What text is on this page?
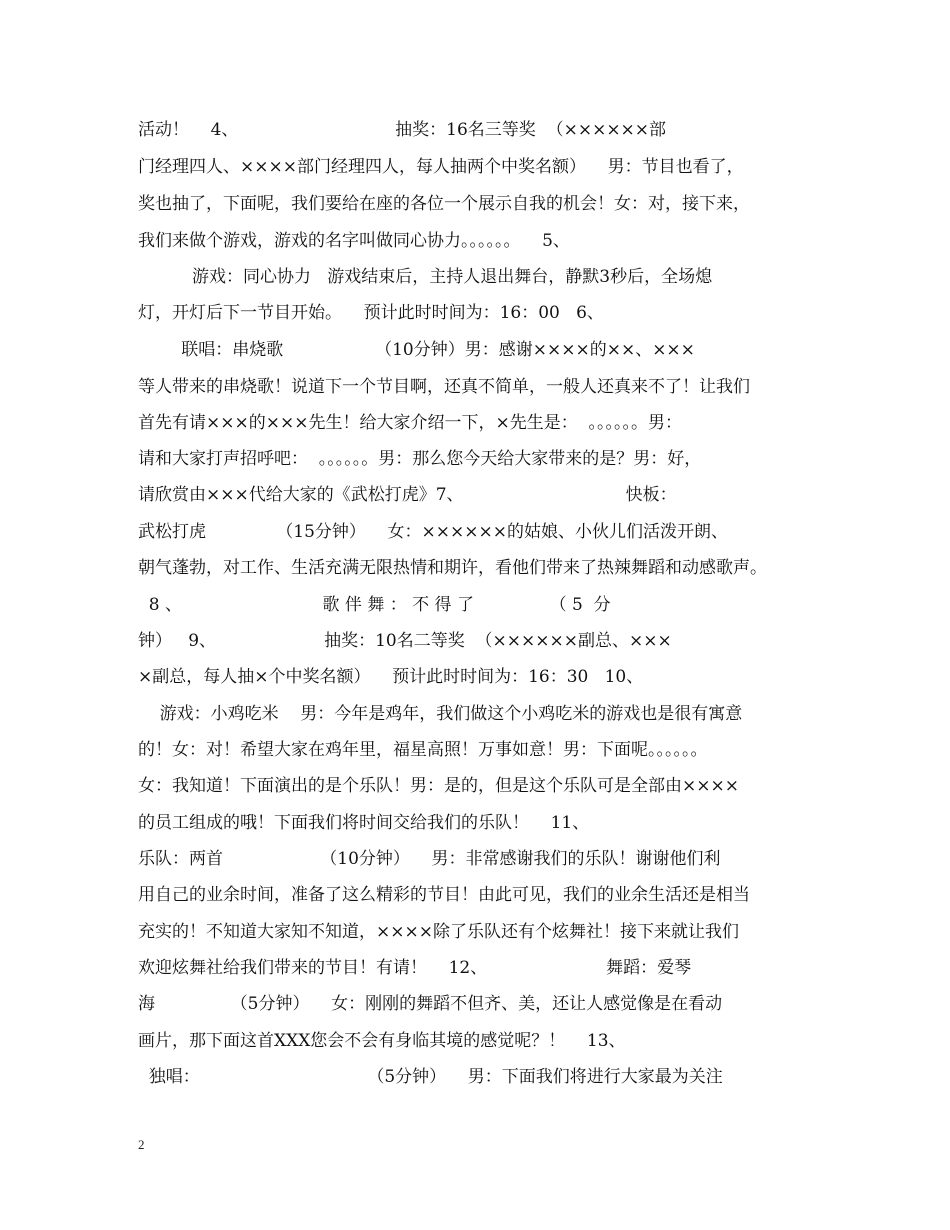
活动！    4、                             抽奖：16名三等奖  （××××××部
门经理四人、××××部门经理四人，每人抽两个中奖名额）    男：节目也看了，
奖也抽了，下面呢，我们要给在座的各位一个展示自我的机会！女：对，接下来，
我们来做个游戏，游戏的名字叫做同心协力。。。。。。    5、
游戏：同心协力   游戏结束后，主持人退出舞台，静默3秒后，全场熄
灯，开灯后下一节目开始。    预计此时时间为：16：00   6、
联唱：串烧歌                 （10分钟）男：感谢××××的××、×××
等人带来的串烧歌！说道下一个节目啊，还真不简单，一般人还真来不了！让我们
首先有请×××的×××先生！给大家介绍一下，×先生是：  。。。。。。男：
请和大家打声招呼吧：  。。。。。。男：那么您今天给大家带来的是？男：好，
请欣赏由×××代给大家的《武松打虎》7、                              快板：
武松打虎             （15分钟）    女：××××××的姑娘、小伙儿们活泼开朗、
朝气蓬勃，对工作、生活充满无限热情和期许，看他们带来了热辣舞蹈和动感歌声。
8 、                          歌 伴 舞 ： 不 得 了              （ 5  分
钟）   9、                    抽奖：10名二等奖  （××××××副总、×××
×副总，每人抽×个中奖名额）    预计此时时间为：16：30   10、
游戏：小鸡吃米    男：今年是鸡年，我们做这个小鸡吃米的游戏也是很有寓意
的！女：对！希望大家在鸡年里，福星高照！万事如意！男：下面呢。。。。。。
女：我知道！下面演出的是个乐队！男：是的，但是这个乐队可是全部由××××
的员工组成的哦！下面我们将时间交给我们的乐队！    11、
乐队：两首                  （10分钟）    男：非常感谢我们的乐队！谢谢他们利
用自己的业余时间，准备了这么精彩的节目！由此可见，我们的业余生活还是相当
充实的！不知道大家知不知道，××××除了乐队还有个炫舞社！接下来就让我们
欢迎炫舞社给我们带来的节目！有请！    12、                      舞蹈：爱琴
海              （5分钟）    女：刚刚的舞蹈不但齐、美，还让人感觉像是在看动
画片，那下面这首XXX您会不会有身临其境的感觉呢？！    13、
独唱：                               （5分钟）    男：下面我们将进行大家最为关注
2
